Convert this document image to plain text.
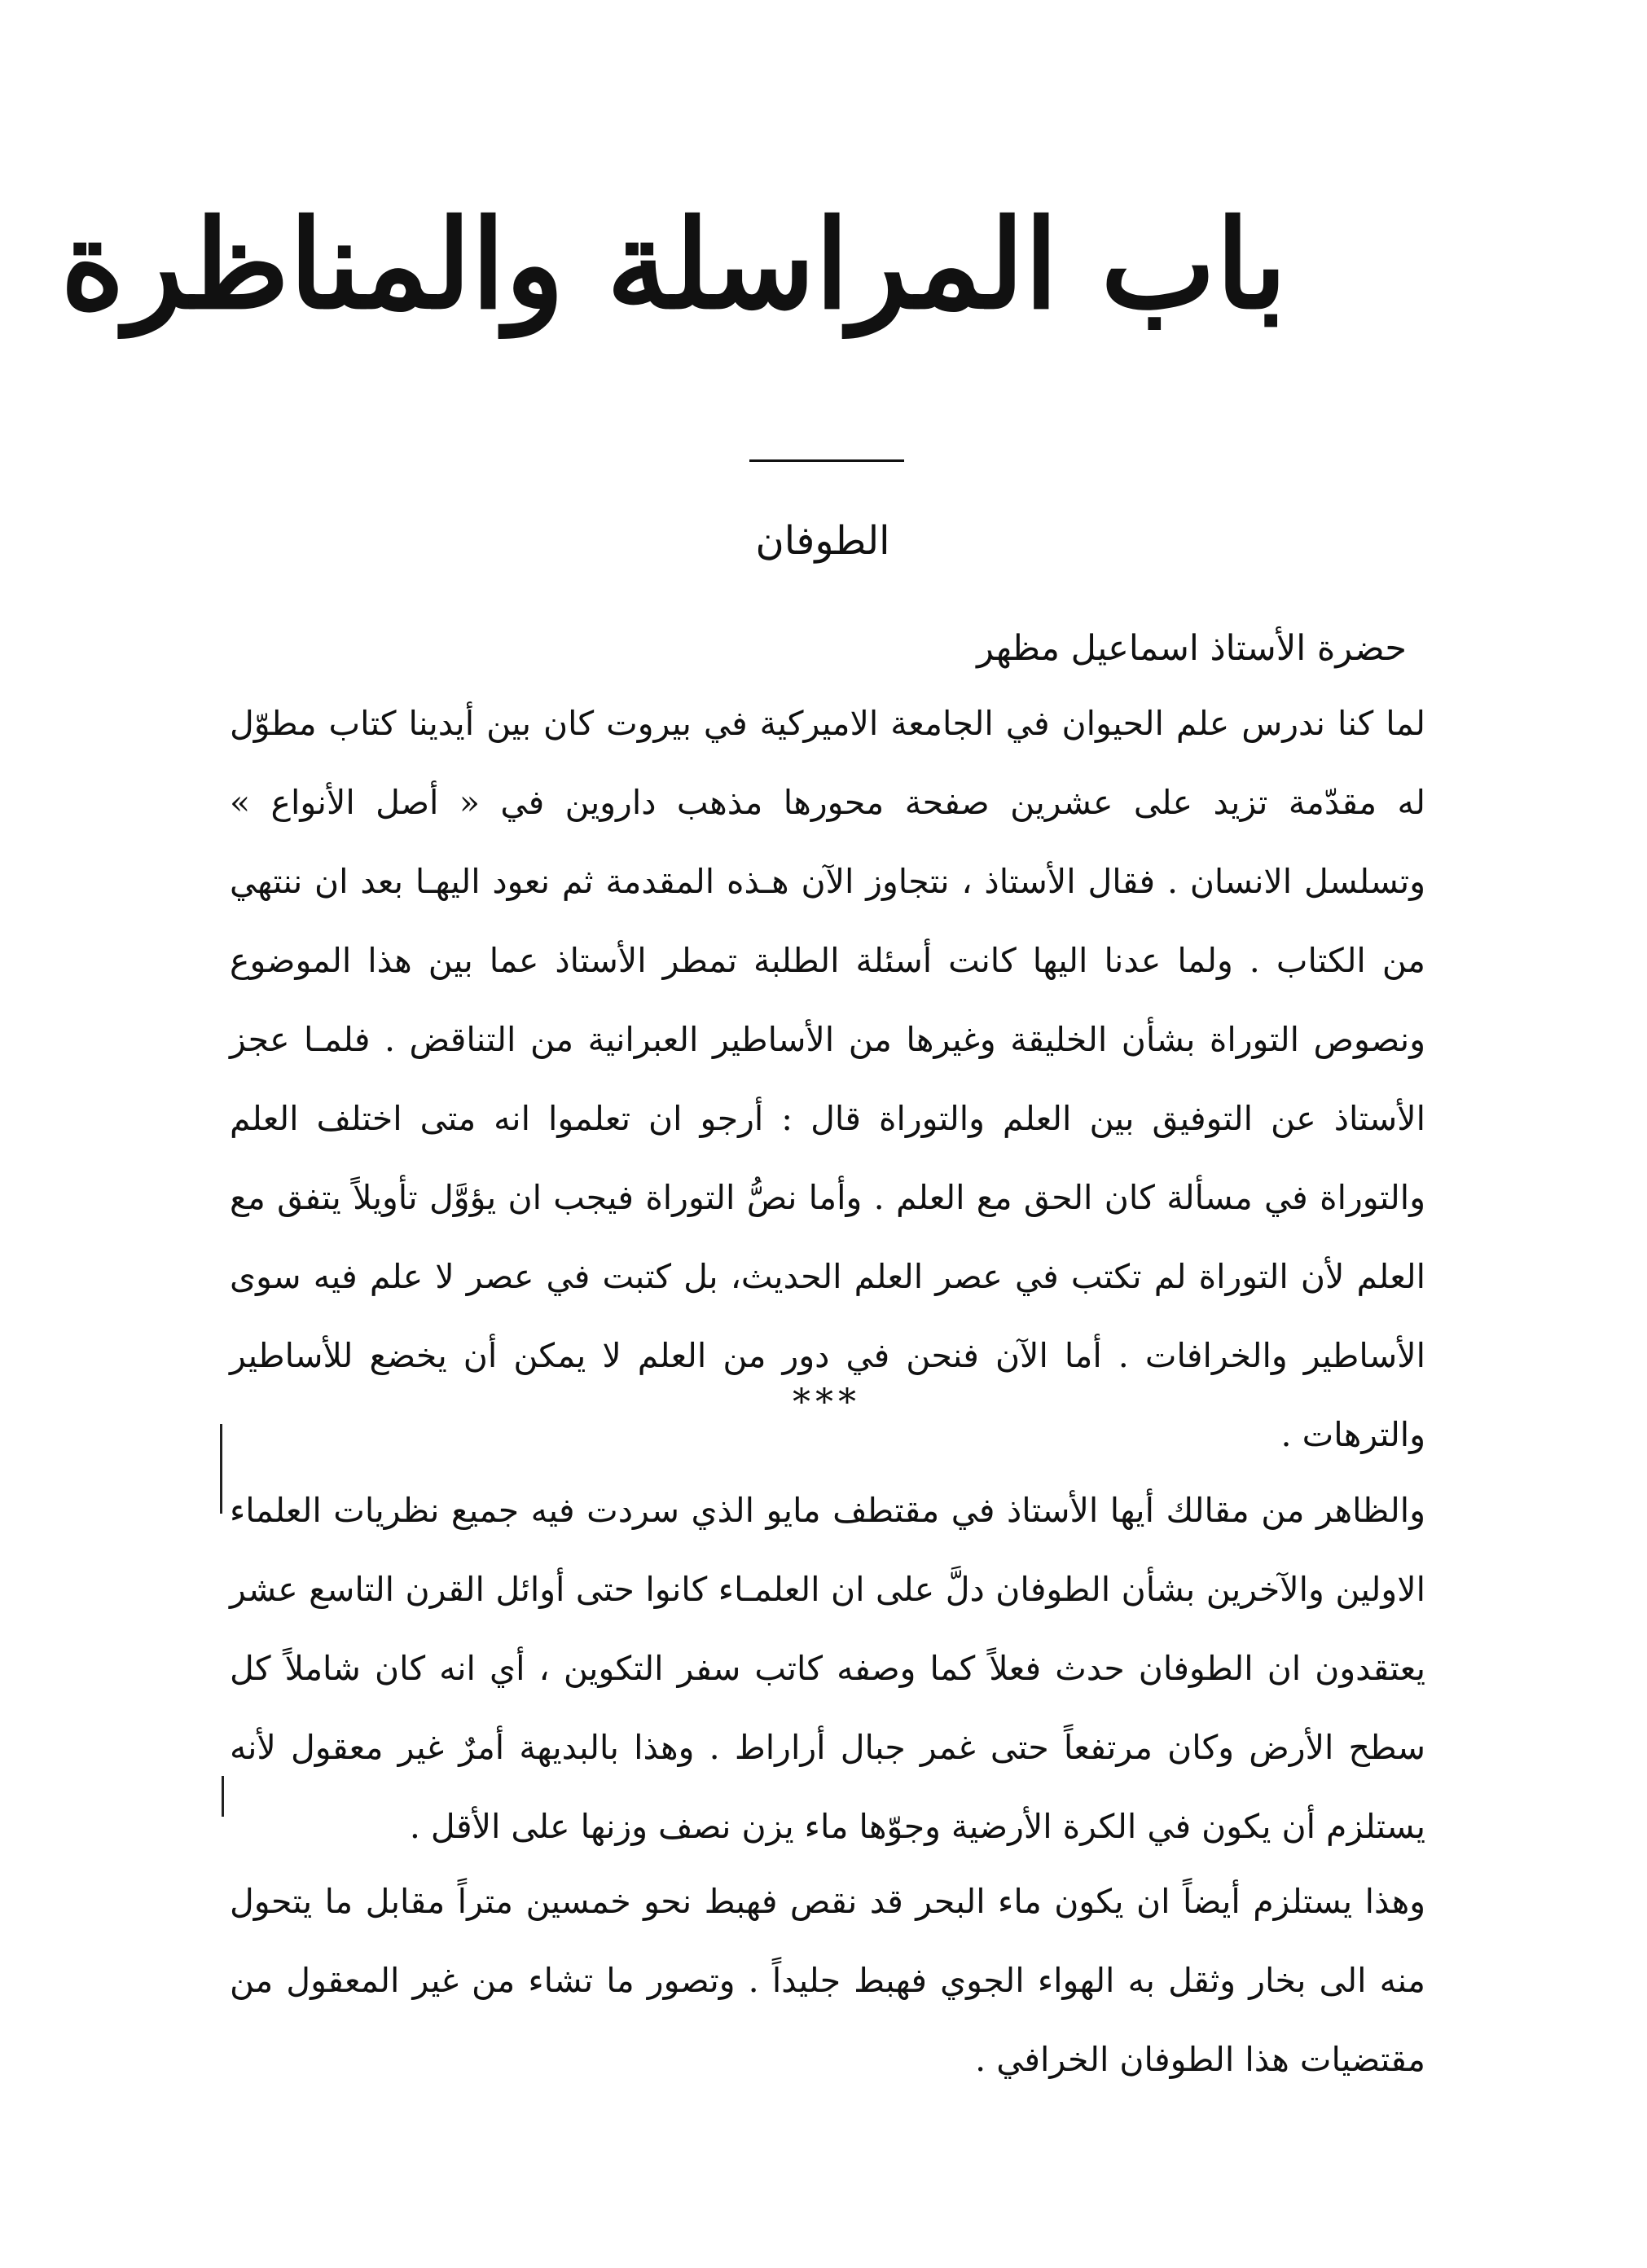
باب المراسلة والمناظرة
الطوفان
حضرة الأستاذ اسماعيل مظهر
لما كنا ندرس علم الحيوان في الجامعة الاميركية في بيروت كان بين أيدينا كتاب مطوّل له مقدّمة تزيد على عشرين صفحة محورها مذهب داروين في « أصل الأنواع » وتسلسل الانسان . فقال الأستاذ ، نتجاوز الآن هـذه المقدمة ثم نعود اليهـا بعد ان ننتهي من الكتاب . ولما عدنا اليها كانت أسئلة الطلبة تمطر الأستاذ عما بين هذا الموضوع ونصوص التوراة بشأن الخليقة وغيرها من الأساطير العبرانية من التناقض . فلمـا عجز الأستاذ عن التوفيق بين العلم والتوراة قال : أرجو ان تعلموا انه متى اختلف العلم والتوراة في مسألة كان الحق مع العلم . وأما نصُّ التوراة فيجب ان يؤوَّل تأويلاً يتفق مع العلم لأن التوراة لم تكتب في عصر العلم الحديث، بل كتبت في عصر لا علم فيه سوى الأساطير والخرافات . أما الآن فنحن في دور من العلم لا يمكن أن يخضع للأساطير والترهات .
***
والظاهر من مقالك أيها الأستاذ في مقتطف مايو الذي سردت فيه جميع نظريات العلماء الاولين والآخرين بشأن الطوفان دلَّ على ان العلمـاء كانوا حتى أوائل القرن التاسع عشر يعتقدون ان الطوفان حدث فعلاً كما وصفه كاتب سفر التكوين ، أي انه كان شاملاً كل سطح الأرض وكان مرتفعاً حتى غمر جبال أراراط . وهذا بالبديهة أمرٌ غير معقول لأنه يستلزم أن يكون في الكرة الأرضية وجوّها ماء يزن نصف وزنها على الأقل .
وهذا يستلزم أيضاً ان يكون ماء البحر قد نقص فهبط نحو خمسين متراً مقابل ما يتحول منه الى بخار وثقل به الهواء الجوي فهبط جليداً . وتصور ما تشاء من غير المعقول من مقتضيات هذا الطوفان الخرافي .
